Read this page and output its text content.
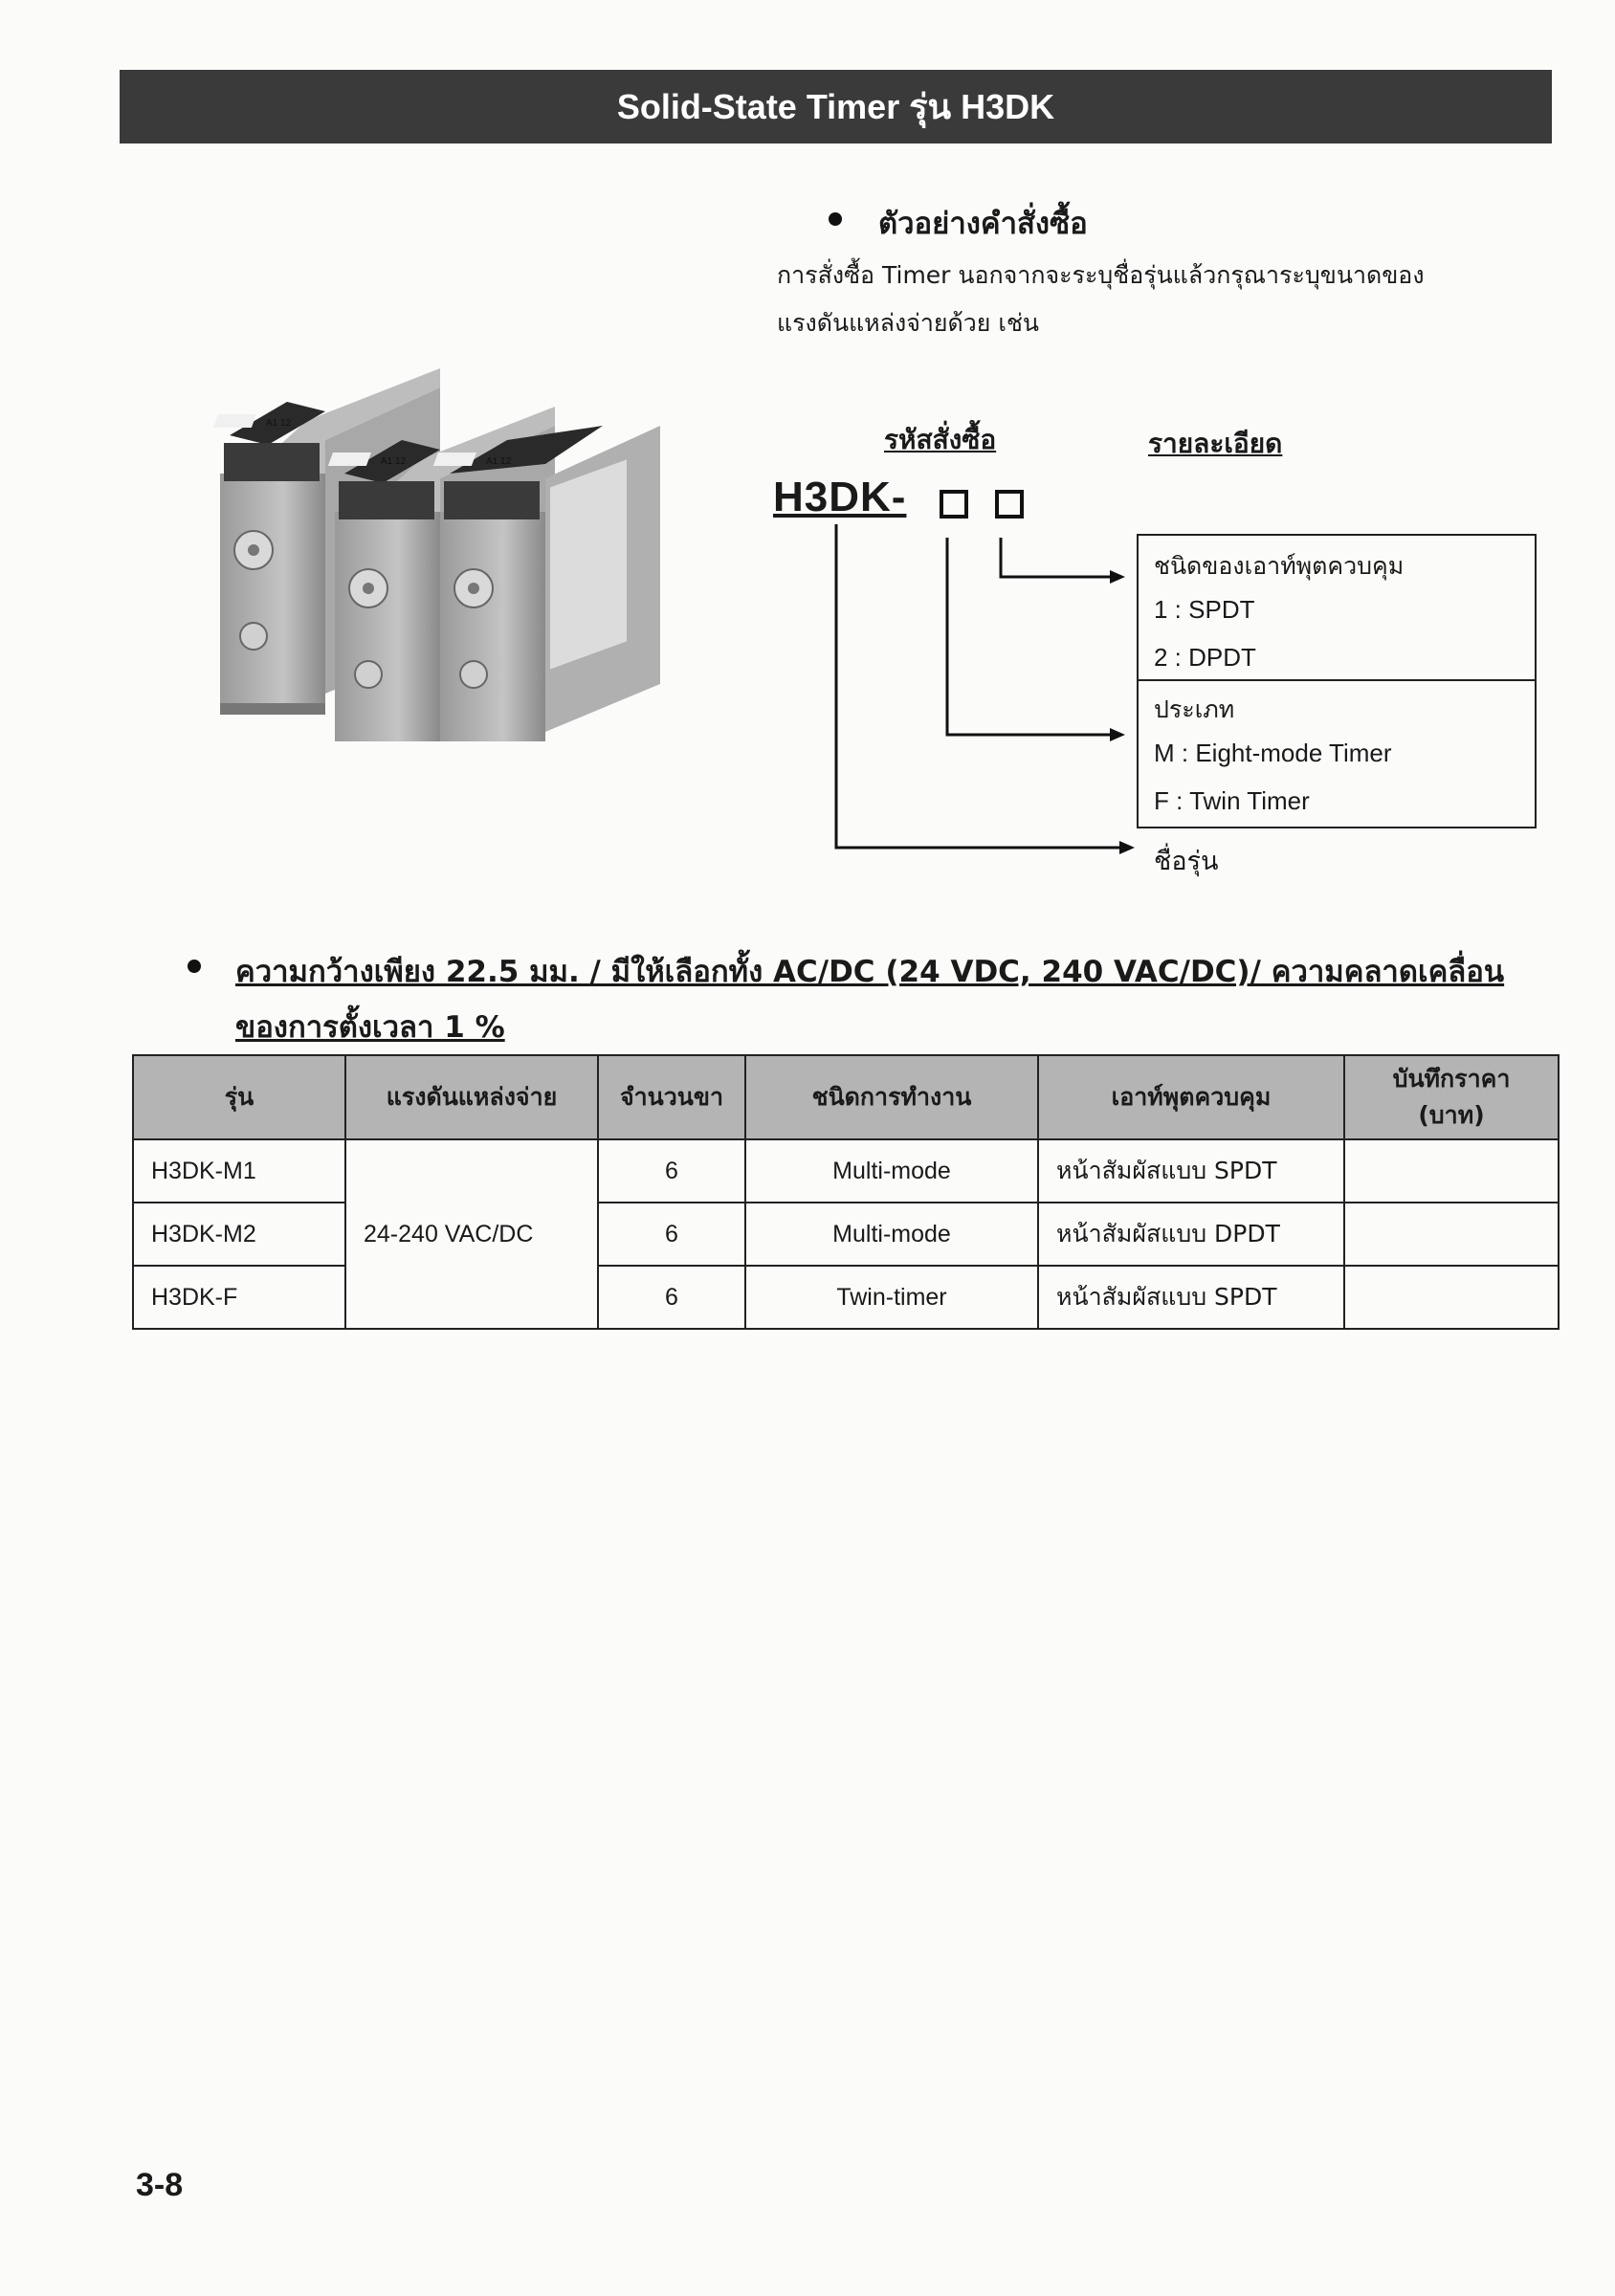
Solid-State Timer รุ่น H3DK
A1 12
A1 12	A1 12
ตัวอย่างคำสั่งซื้อ
การสั่งซื้อ Timer นอกจากจะระบุชื่อรุ่นแล้วกรุณาระบุขนาดของ
แรงดันแหล่งจ่ายด้วย เช่น
รหัสสั่งซื้อ	รายละเอียด
H3DK-
ชนิดของเอาท์พุตควบคุม
1 : SPDT
2 : DPDT
ประเภท
M : Eight-mode Timer
F : Twin Timer
ชื่อรุ่น
ความกว้างเพียง 22.5 มม. / มีให้เลือกทั้ง AC/DC (24 VDC, 240 VAC/DC)/ ความคลาดเคลื่อน
ของการตั้งเวลา 1 %
รุ่น	แรงดันแหล่งจ่าย	จำนวนขา	ชนิดการทำงาน	เอาท์พุตควบคุม	บันทึกราคา
(บาท)

H3DK-M1	24-240 VAC/DC	6	Multi-mode	หน้าสัมผัสแบบ SPDT	
H3DK-M2		6	Multi-mode	หน้าสัมผัสแบบ DPDT	
H3DK-F		6	Twin-timer	หน้าสัมผัสแบบ SPDT	
3-8
